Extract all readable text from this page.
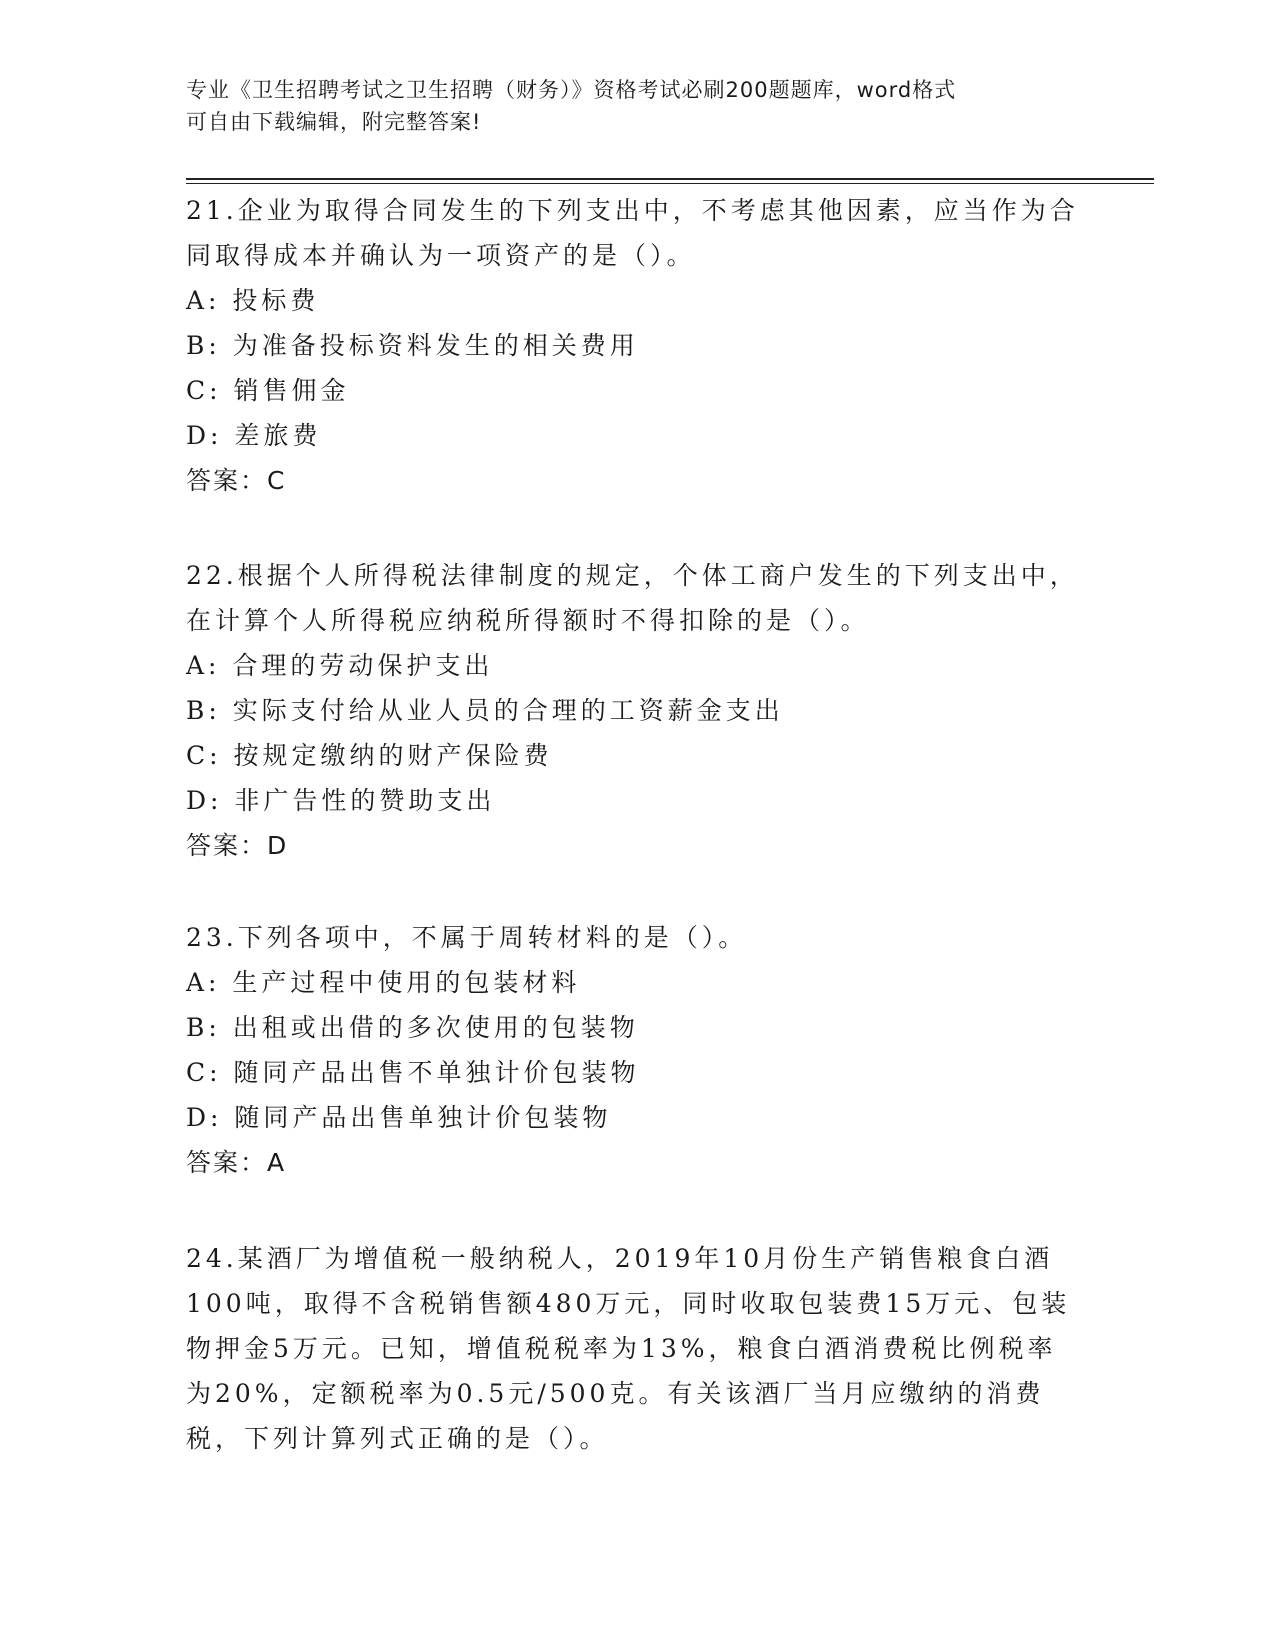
专业《卫生招聘考试之卫生招聘（财务）》资格考试必刷200题题库，word格式
可自由下载编辑，附完整答案!
21.企业为取得合同发生的下列支出中，不考虑其他因素，应当作为合
同取得成本并确认为一项资产的是（）。
A: 投标费
B: 为准备投标资料发生的相关费用
C: 销售佣金
D: 差旅费
答案：C
22.根据个人所得税法律制度的规定，个体工商户发生的下列支出中，
在计算个人所得税应纳税所得额时不得扣除的是（）。
A: 合理的劳动保护支出
B: 实际支付给从业人员的合理的工资薪金支出
C: 按规定缴纳的财产保险费
D: 非广告性的赞助支出
答案：D
23.下列各项中，不属于周转材料的是（）。
A: 生产过程中使用的包装材料
B: 出租或出借的多次使用的包装物
C: 随同产品出售不单独计价包装物
D: 随同产品出售单独计价包装物
答案：A
24.某酒厂为增值税一般纳税人，2019年10月份生产销售粮食白酒
100吨，取得不含税销售额480万元，同时收取包装费15万元、包装
物押金5万元。已知，增值税税率为13%，粮食白酒消费税比例税率
为20%，定额税率为0.5元/500克。有关该酒厂当月应缴纳的消费
税，下列计算列式正确的是（）。
